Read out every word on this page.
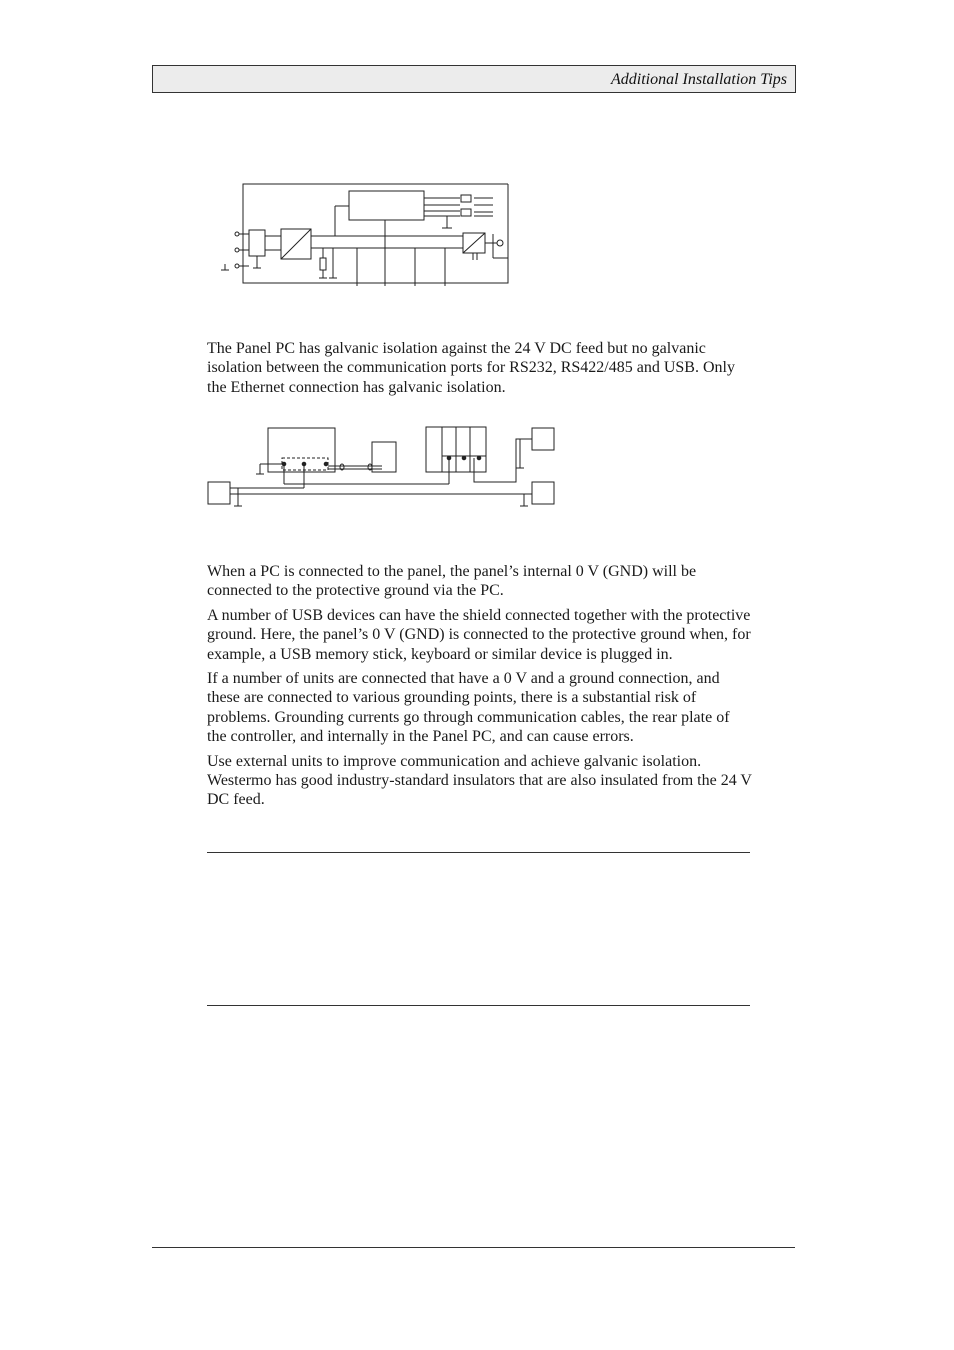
Additional Installation Tips

The Panel PC has galvanic isolation against the 24 V DC feed but no galvanic isolation between the communication ports for RS232, RS422/485 and USB. Only the Ethernet connection has galvanic isolation.

When a PC is connected to the panel, the panel’s internal 0 V (GND) will be connected to the protective ground via the PC.

A number of USB devices can have the shield connected together with the protective ground. Here, the panel’s 0 V (GND) is connected to the protective ground when, for example, a USB memory stick, keyboard or similar device is plugged in.

If a number of units are connected that have a 0 V and a ground connection, and these are connected to various grounding points, there is a substantial risk of problems. Grounding currents go through communication cables, the rear plate of the controller, and internally in the Panel PC, and can cause errors.

Use external units to improve communication and achieve galvanic isolation. Westermo has good industry-standard insulators that are also insulated from the 24 V DC feed.
